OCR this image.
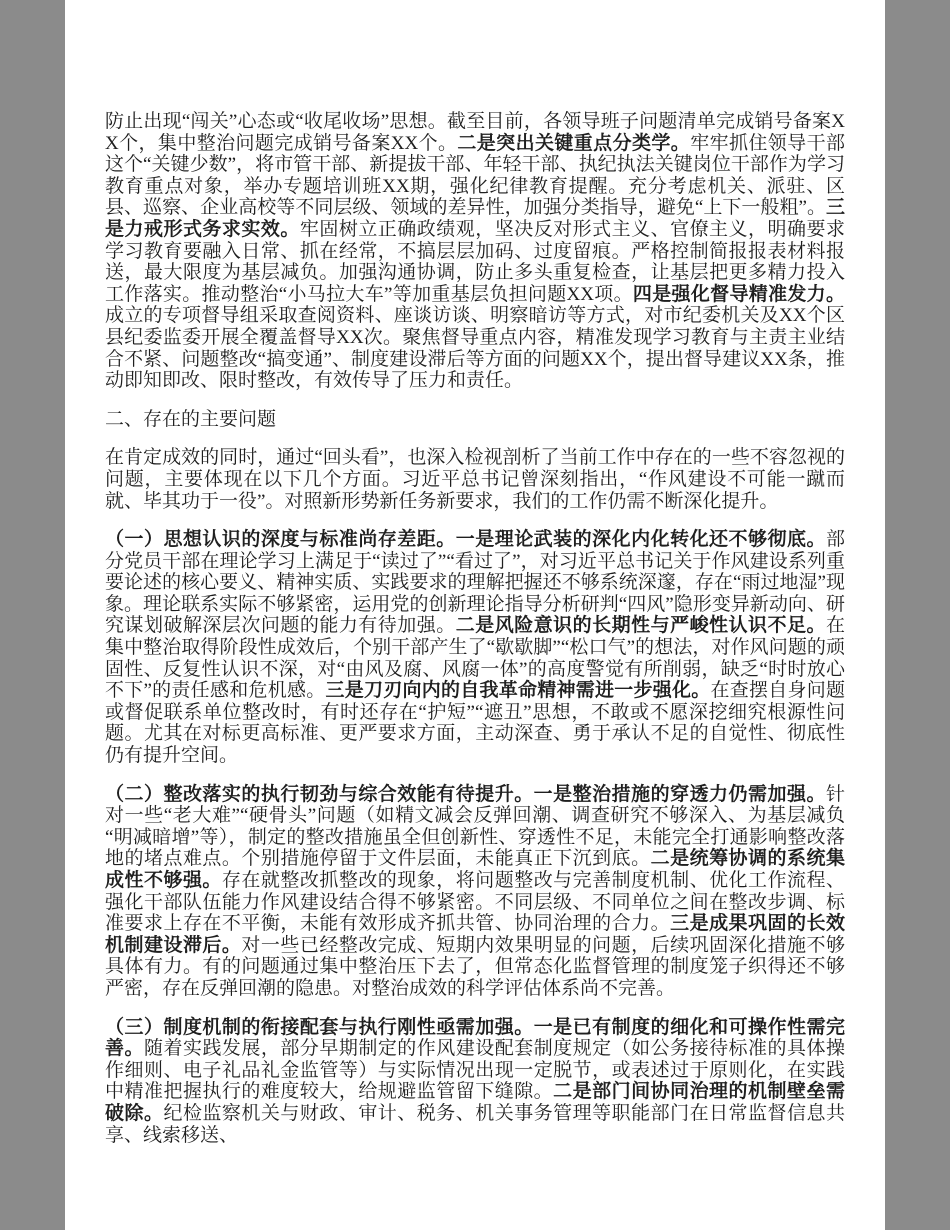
防止出现“闯关”心态或“收尾收场”思想。截至目前，各领导班子问题清单完成销号备案XX个，集中整治问题完成销号备案XX个。二是突出关键重点分类学。牢牢抓住领导干部这个“关键少数”，将市管干部、新提拔干部、年轻干部、执纪执法关键岗位干部作为学习教育重点对象，举办专题培训班XX期，强化纪律教育提醒。充分考虑机关、派驻、区县、巡察、企业高校等不同层级、领域的差异性，加强分类指导，避免“上下一般粗”。三是力戒形式务求实效。牢固树立正确政绩观，坚决反对形式主义、官僚主义，明确要求学习教育要融入日常、抓在经常，不搞层层加码、过度留痕。严格控制简报报表材料报送，最大限度为基层减负。加强沟通协调，防止多头重复检查，让基层把更多精力投入工作落实。推动整治“小马拉大车”等加重基层负担问题XX项。四是强化督导精准发力。成立的专项督导组采取查阅资料、座谈访谈、明察暗访等方式，对市纪委机关及XX个区县纪委监委开展全覆盖督导XX次。聚焦督导重点内容，精准发现学习教育与主责主业结合不紧、问题整改“搞变通”、制度建设滞后等方面的问题XX个，提出督导建议XX条，推动即知即改、限时整改，有效传导了压力和责任。

二、存在的主要问题

在肯定成效的同时，通过“回头看”，也深入检视剖析了当前工作中存在的一些不容忽视的问题，主要体现在以下几个方面。习近平总书记曾深刻指出，“作风建设不可能一蹴而就、毕其功于一役”。对照新形势新任务新要求，我们的工作仍需不断深化提升。

（一）思想认识的深度与标准尚存差距。一是理论武装的深化内化转化还不够彻底。部分党员干部在理论学习上满足于“读过了”“看过了”，对习近平总书记关于作风建设系列重要论述的核心要义、精神实质、实践要求的理解把握还不够系统深邃，存在“雨过地湿”现象。理论联系实际不够紧密，运用党的创新理论指导分析研判“四风”隐形变异新动向、研究谋划破解深层次问题的能力有待加强。二是风险意识的长期性与严峻性认识不足。在集中整治取得阶段性成效后，个别干部产生了“歇歇脚”“松口气”的想法，对作风问题的顽固性、反复性认识不深，对“由风及腐、风腐一体”的高度警觉有所削弱，缺乏“时时放心不下”的责任感和危机感。三是刀刃向内的自我革命精神需进一步强化。在查摆自身问题或督促联系单位整改时，有时还存在“护短”“遮丑”思想，不敢或不愿深挖细究根源性问题。尤其在对标更高标准、更严要求方面，主动深查、勇于承认不足的自觉性、彻底性仍有提升空间。

（二）整改落实的执行韧劲与综合效能有待提升。一是整治措施的穿透力仍需加强。针对一些“老大难”“硬骨头”问题（如精文减会反弹回潮、调查研究不够深入、为基层减负“明减暗增”等），制定的整改措施虽全但创新性、穿透性不足，未能完全打通影响整改落地的堵点难点。个别措施停留于文件层面，未能真正下沉到底。二是统筹协调的系统集成性不够强。存在就整改抓整改的现象，将问题整改与完善制度机制、优化工作流程、强化干部队伍能力作风建设结合得不够紧密。不同层级、不同单位之间在整改步调、标准要求上存在不平衡，未能有效形成齐抓共管、协同治理的合力。三是成果巩固的长效机制建设滞后。对一些已经整改完成、短期内效果明显的问题，后续巩固深化措施不够具体有力。有的问题通过集中整治压下去了，但常态化监督管理的制度笼子织得还不够严密，存在反弹回潮的隐患。对整治成效的科学评估体系尚不完善。

（三）制度机制的衔接配套与执行刚性亟需加强。一是已有制度的细化和可操作性需完善。随着实践发展，部分早期制定的作风建设配套制度规定（如公务接待标准的具体操作细则、电子礼品礼金监管等）与实际情况出现一定脱节，或表述过于原则化，在实践中精准把握执行的难度较大，给规避监管留下缝隙。二是部门间协同治理的机制壁垒需破除。纪检监察机关与财政、审计、税务、机关事务管理等职能部门在日常监督信息共享、线索移送、
